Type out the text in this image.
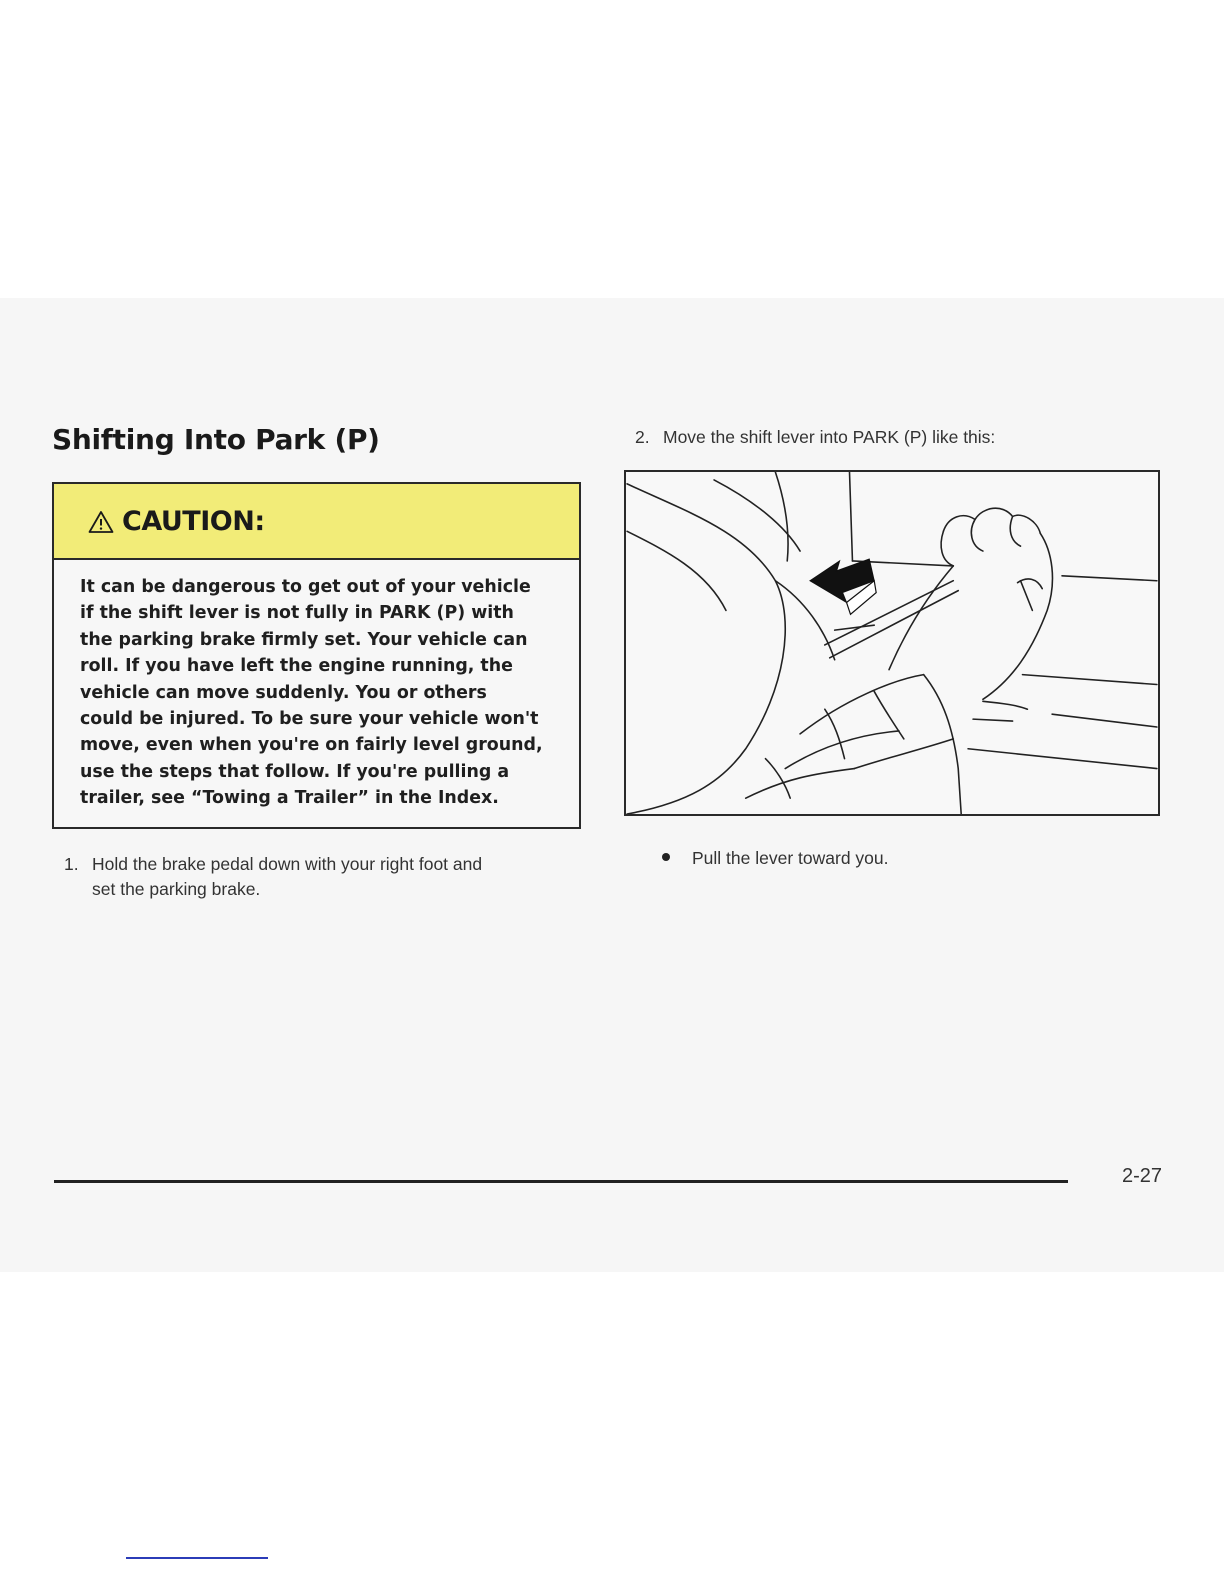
Shifting Into Park (P)
CAUTION:

It can be dangerous to get out of your vehicle
if the shift lever is not fully in PARK (P) with
the parking brake firmly set. Your vehicle can
roll. If you have left the engine running, the
vehicle can move suddenly. You or others
could be injured. To be sure your vehicle won't
move, even when you're on fairly level ground,
use the steps that follow. If you're pulling a
trailer, see “Towing a Trailer” in the Index.

1. Hold the brake pedal down with your right foot and
set the parking brake.
2. Move the shift lever into PARK (P) like this:
Pull the lever toward you.
2-27
